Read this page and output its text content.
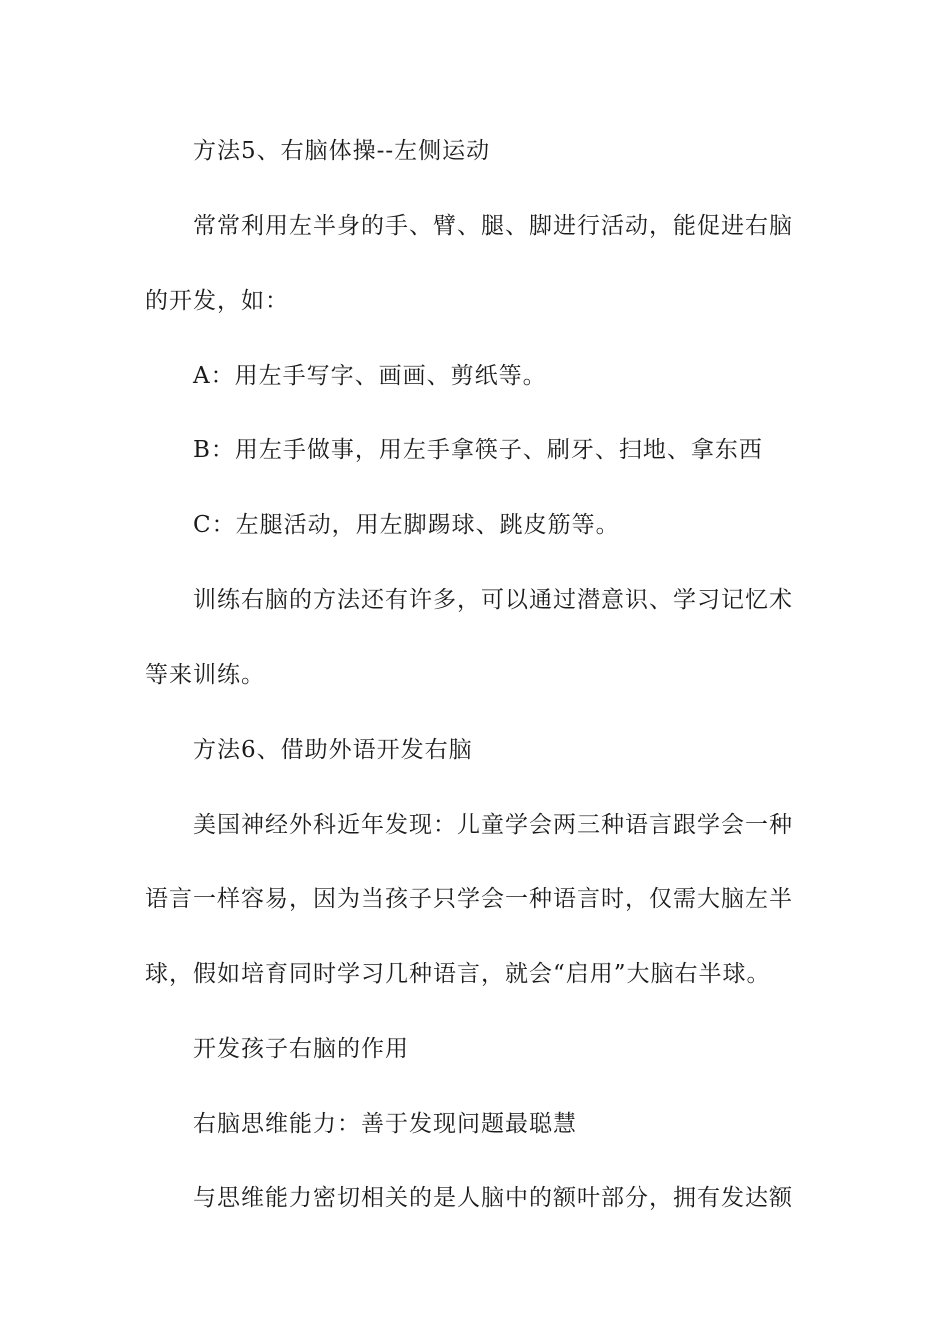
方法5、右脑体操--左侧运动
常常利用左半身的手、臂、腿、脚进行活动，能促进右脑
的开发，如：
A：用左手写字、画画、剪纸等。
B：用左手做事，用左手拿筷子、刷牙、扫地、拿东西
C：左腿活动，用左脚踢球、跳皮筋等。
训练右脑的方法还有许多，可以通过潜意识、学习记忆术
等来训练。
方法6、借助外语开发右脑
美国神经外科近年发现：儿童学会两三种语言跟学会一种
语言一样容易，因为当孩子只学会一种语言时，仅需大脑左半
球，假如培育同时学习几种语言，就会“启用”大脑右半球。
开发孩子右脑的作用
右脑思维能力：善于发现问题最聪慧
与思维能力密切相关的是人脑中的额叶部分，拥有发达额
